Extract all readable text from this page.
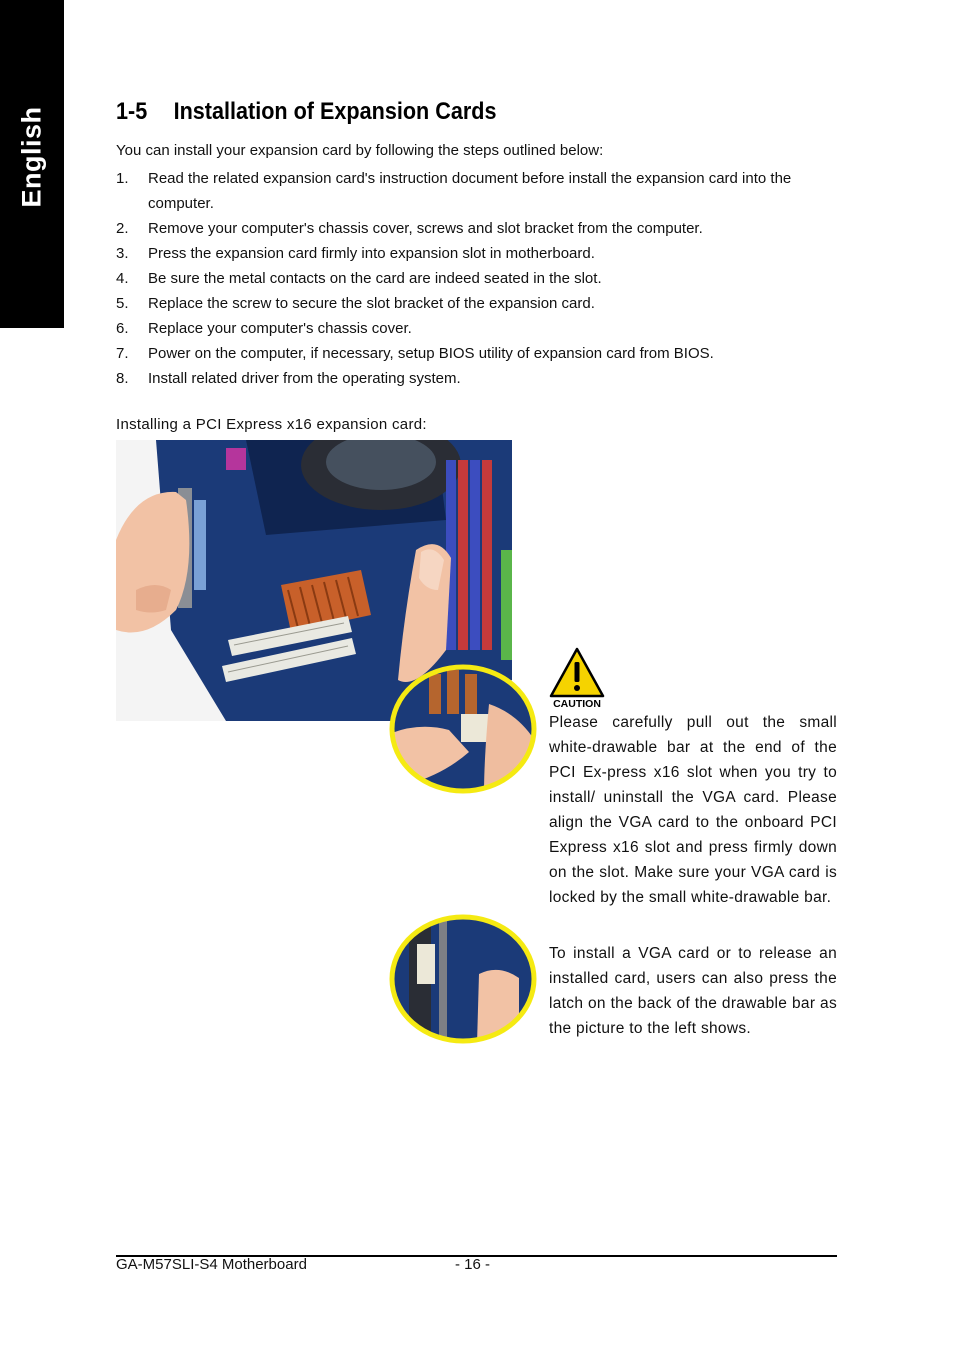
English	1-5 Installation of Expansion Cards
You can install your expansion card by following the steps outlined below:
1. Read the related expansion card's instruction document before install the expansion card into the computer.
2. Remove your computer's chassis cover, screws and slot bracket from the computer.
3. Press the expansion card firmly into expansion slot in motherboard.
4. Be sure the metal contacts on the card are indeed seated in the slot.
5. Replace the screw to secure the slot bracket of the expansion card.
6. Replace your computer's chassis cover.
7. Power on the computer, if necessary, setup BIOS utility of expansion card from BIOS.
8. Install related driver from the operating system.
Installing a PCI Express x16 expansion card:
CAUTION
Please carefully pull out the small white-drawable bar at the end of the PCI Ex-press x16 slot when you try to install/ uninstall the VGA card. Please align the VGA card to the onboard PCI Express x16 slot and press firmly down on the slot. Make sure your VGA card is locked by the small white-drawable bar.
To install a VGA card or to release an installed card, users can also press the latch on the back of the drawable bar as the picture to the left shows.
GA-M57SLI-S4 Motherboard	- 16 -
